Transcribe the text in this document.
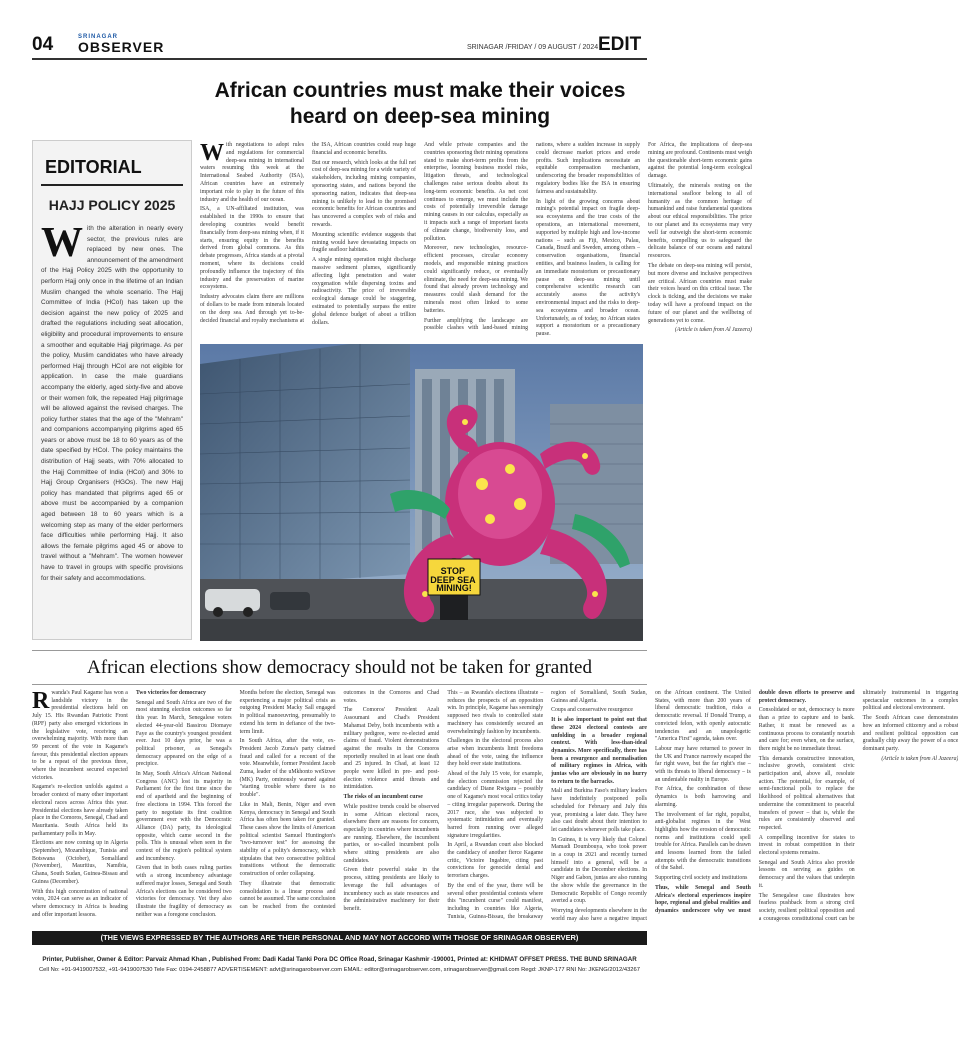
04	SRINAGAR
OBSERVER	SRINAGAR /FRIDAY / 09 AUGUST / 2024 EDIT
African countries must make their voices heard on deep-sea mining
EDITORIAL
HAJJ POLICY 2025
W ith the alteration in nearly every sector, the previous rules are replaced by new ones. The announcement of the amendment of the Hajj Policy 2025 with the opportunity to perform Hajj only once in the lifetime of an Indian Muslim changed the whole scenario. The Hajj Committee of India (HCoI) has taken up the decision against the new policy of 2025 and drafted the regulations including seat allocation, eligibility and procedural improvements to ensure a smoother and equitable Hajj pilgrimage. As per the policy, Muslim candidates who have already performed Hajj through HCoI are not eligible for application. In case the male guardians accompany the elderly, aged sixty-five and above or their women folk, the repeated Hajj pilgrimage will be allowed against the revised charges. The policy further states that the age of the "Mehram" and companions accompanying pilgrims aged 65 years or above must be 18 to 60 years as of the date specified by HCoI. The policy maintains the distribution of Hajj seats, with 70% allocated to the Hajj Committee of India (HCoI) and 30% to Hajj Group Organisers (HGOs). The new Hajj policy has mandated that pilgrims aged 65 or above must be accompanied by a companion aged between 18 to 60 years which is a welcoming step as many of the elder performers face difficulties while performing Hajj. It also allows the female pilgrims aged 45 or above to travel without a "Mehram". The women however have to travel in groups with specific provisions for their safety and accommodations.

With negotiations to adopt rules and regulations for commercial deep-sea mining in international waters resuming this week at the International Seabed Authority (ISA), African countries have an extremely important role to play in the future of this industry and the health of our ocean.

ISA, a UN-affiliated institution, was established in the 1990s to ensure that developing countries would benefit financially from deep-sea mining when, if it starts, ensuring equity in the benefits derived from global commons. As this debate progresses, Africa stands at a pivotal moment, where its decisions could profoundly influence the trajectory of this industry and the preservation of marine ecosystems.

Industry advocates claim there are millions of dollars to be made from minerals located on the deep sea. And through yet to-be-decided financial and royalty mechanisms at the ISA, African countries could reap huge financial and economic benefits.

But our research, which looks at the full net cost of deep-sea mining for a wide variety of stakeholders, including mining companies, sponsoring states, and nations beyond the sponsoring nation, indicates that deep-sea mining is unlikely to lead to the promised economic benefits for African countries and has uncovered a complex web of risks and rewards.

Mounting scientific evidence suggests that mining would have devastating impacts on fragile seafloor habitats.

A single mining operation might discharge massive sediment plumes, significantly affecting light penetration and water oxygenation while dispersing toxins and radioactivity. The price of irreversible ecological damage could be staggering, estimated to potentially surpass the entire global defence budget of about a trillion dollars.

And while private companies and the countries sponsoring their mining operations stand to make short-term profits from the enterprise, looming business model risks, litigation threats, and technological challenges raise serious doubts about its long-term economic benefits. As net cost continues to emerge, we must include the costs of potentially irreversible damage mining causes in our calculus, especially as it impacts such a range of important facets of climate change, biodiversity loss, and pollution.

Moreover, new technologies, resource-efficient processes, circular economy models, and responsible mining practices could significantly reduce, or eventually eliminate, the need for deep-sea mining. We found that already proven technology and measures could slash demand for the minerals most often linked to some batteries.

Further amplifying the landscape are possible clashes with land-based mining nations, where a sudden increase in supply could decrease market prices and erode profits. Such implications necessitate an equitable compensation mechanism, underscoring the broader responsibilities of regulatory bodies like the ISA in ensuring fairness and sustainability.

In light of the growing concerns about mining's potential impact on fragile deep-sea ecosystems and the true costs of the operations, an international movement, supported by multiple high and low-income nations – such as Fiji, Mexico, Palau, Canada, Brazil and Sweden, among others – conservation organisations, financial entities, and business leaders, is calling for an immediate moratorium or precautionary pause on deep-sea mining until comprehensive scientific research can accurately assess the activity's environmental impact and the risks to deep-sea ecosystems and broader ocean. Unfortunately, as of today, no African states support a moratorium or a precautionary pause.

For Africa, the implications of deep-sea mining are profound. Continents must weigh the questionable short-term economic gains against the potential long-term ecological damage.

Ultimately, the minerals resting on the international seafloor belong to all of humanity as the common heritage of humankind and raise fundamental questions about our ethical responsibilities. The price to our planet and its ecosystems may very well far outweigh the short-term economic benefits, compelling us to safeguard the delicate balance of our oceans and natural resources.

The debate on deep-sea mining will persist, but more diverse and inclusive perspectives are critical. African countries must make their voices heard on this critical issue. The clock is ticking, and the decisions we make today will have a profound impact on the future of our planet and the wellbeing of generations yet to come.

(Article is taken from Al Jazeera)

STOP DEEP SEA MINING!
African elections show democracy should not be taken for granted

Rwanda's Paul Kagame has won a landslide victory in the presidential elections held on July 15. His Rwandan Patriotic Front (RPF) party also emerged victorious in the legislative vote, receiving an overwhelming majority. With more than 99 percent of the vote in Kagame's favour, this presidential election appears to be a repeat of the previous three, where the incumbent secured expected victories.

Kagame's re-election unfolds against a broader context of many other important electoral races across Africa this year. Presidential elections have already taken place in the Comoros, Senegal, Chad and Mauritania. South Africa held its parliamentary polls in May.

Elections are now coming up in Algeria (September), Mozambique, Tunisia and Botswana (October), Somaliland (November), Mauritius, Namibia, Ghana, South Sudan, Guinea-Bissau and Guinea (December).

With this high concentration of national votes, 2024 can serve as an indicator of where democracy in Africa is heading and offer important lessons.

Two victories for democracy

Senegal and South Africa are two of the most stunning election outcomes so far this year. In March, Senegalese voters elected 44-year-old Bassirou Diomaye Faye as the country's youngest president ever. Just 10 days prior, he was a political prisoner, as Senegal's democracy appeared on the edge of a precipice.

In May, South Africa's African National Congress (ANC) lost its majority in Parliament for the first time since the end of apartheid and the beginning of free elections in 1994. This forced the party to negotiate its first coalition government ever with the Democratic Alliance (DA) party, its ideological opposite, which came second in the polls. This is unusual when seen in the context of the region's political system and incumbency.

Given that in both cases ruling parties with a strong incumbency advantage suffered major losses, Senegal and South Africa's elections can be considered two victories for democracy. Yet they also illustrate the fragility of democracy as neither was a foregone conclusion.

Months before the election, Senegal was experiencing a major political crisis as outgoing President Macky Sall engaged in political manoeuvring, presumably to extend his term in defiance of the two-term limit.

In South Africa, after the vote, ex-President Jacob Zuma's party claimed fraud and called for a recount of the vote. Meanwhile, former President Jacob Zuma, leader of the uMkhonto weSizwe (MK) Party, ominously warned against "starting trouble where there is no trouble".

Like in Mali, Benin, Niger and even Kenya, democracy in Senegal and South Africa has often been taken for granted. These cases show the limits of American political scientist Samuel Huntington's "two-turnover test" for assessing the stability of a polity's democracy, which stipulates that two consecutive political transitions without the democratic construction of order collapsing.

They illustrate that democratic consolidation is a linear process and cannot be assumed. The same conclusion can be reached from the contested outcomes in the Comoros and Chad votes.

The Comoros' President Azali Assoumani and Chad's President Mahamat Deby, both incumbents with a military pedigree, were re-elected amid claims of fraud. Violent demonstrations against the results in the Comoros reportedly resulted in at least one death and 25 injured. In Chad, at least 12 people were killed in pre- and post-election violence amid threats and intimidation.

The risks of an incumbent curse

While positive trends could be observed in some African electoral races, elsewhere there are reasons for concern, especially in countries where incumbents are running. Elsewhere, the incumbent parties, or so-called incumbent polls where sitting presidents are also candidates.

Given their powerful stake in the process, sitting presidents are likely to leverage the full advantages of incumbency such as state resources and the administrative machinery for their benefit.

This – as Rwanda's elections illustrate – reduces the prospects of an opposition win. In principle, Kagame has seemingly supposed two rivals to controlled state machinery has consistently secured an overwhelmingly fashion by incumbents.

Challenges in the electoral process also arise when incumbents limit freedoms ahead of the vote, using the influence they hold over state institutions.

Ahead of the July 15 vote, for example, the election commission rejected the candidacy of Diane Rwigara – possibly one of Kagame's most vocal critics today – citing irregular paperwork. During the 2017 race, she was subjected to systematic intimidation and eventually barred from running over alleged signature irregularities.

In April, a Rwandan court also blocked the candidacy of another fierce Kagame critic, Victoire Ingabire, citing past convictions for genocide denial and terrorism charges.

By the end of the year, there will be several other presidential contests where this "incumbent curse" could manifest, including in countries like Algeria, Tunisia, Guinea-Bissau, the breakaway region of Somaliland, South Sudan, Guinea and Algeria.

Coups and conservative resurgence

It is also important to point out that these 2024 electoral contests are unfolding in a broader regional context. With less-than-ideal dynamics. More specifically, there has been a resurgence and normalisation of military regimes in Africa, with juntas who are obviously in no hurry to return to the barracks.

Mali and Burkina Faso's military leaders have indefinitely postponed polls scheduled for February and July this year, promising a later date. They have also cast doubt about their intention to let candidates whenever polls take place.

In Guinea, it is very likely that Colonel Mamadi Doumbouya, who took power in a coup in 2021 and recently turned himself into a general, will be a candidate in the December elections. In Niger and Gabon, juntas are also running the show while the governance in the Democratic Republic of Congo recently averted a coup.

Worrying developments elsewhere in the world may also have a negative impact on the African continent. The United States, with more than 200 years of liberal democratic tradition, risks a democratic reversal. If Donald Trump, a convicted felon, with openly autocratic tendencies and an unapologetic "America First" agenda, takes over.

Labour may have returned to power in the UK and France narrowly escaped the far right wave, but the far right's rise – with its threats to liberal democracy – is an undeniable reality in Europe.

For Africa, the combination of these dynamics is both harrowing and alarming.

The involvement of far right, populist, anti-globalist regimes in the West highlights how the erosion of democratic norms and institutions could spell trouble for Africa. Parallels can be drawn and lessons learned from the failed attempts with the democratic transitions of the Sahel.

Supporting civil society and institutions

Thus, while Senegal and South Africa's electoral experiences inspire hope, regional and global realities and dynamics underscore why we must double down efforts to preserve and protect democracy.

Consolidated or not, democracy is more than a prize to capture and to bank. Rather, it must be renewed as a continuous process to constantly nourish and care for; even when, on the surface, there might be no immediate threat.

This demands constructive innovation, inclusive growth, consistent civic participation and, above all, resolute action. The potential, for example, of semi-functional polls to replace the likelihood of political alternatives that undermine the commitment to peaceful transfers of power – that is, while the rules are consistently observed and respected.

A compelling incentive for states to invest in robust competition in their electoral systems remains.

Senegal and South Africa also provide lessons on serving as guides on democracy and the values that underpin it.

The Senegalese case illustrates how fearless pushback from a strong civil society, resilient political opposition and a courageous constitutional court can be ultimately instrumental in triggering spectacular outcomes in a complex political and electoral environment.

The South African case demonstrates how an informed citizenry and a robust and resilient political opposition can gradually chip away the power of a once dominant party.

(Article is taken from Al Jazeera)

(THE VIEWS EXPRESSED BY THE AUTHORS ARE THEIR PERSONAL AND MAY NOT ACCORD WITH THOSE OF SRINAGAR OBSERVER)
Printer, Publisher, Owner & Editor: Parvaiz Ahmad Khan , Published From: Dadi Kadal Tanki Pora DC Office Road, Srinagar Kashmir -190001, Printed at: KHIDMAT OFFSET PRESS. THE BUND SRINAGAR
Cell No: +91-9419007532, +91-9419007530 Tele Fax: 0194-2458877 ADVERTISEMENT: advt@srinagarobserver.com EMAIL: editor@srinagarobserver.com, srinagarobserver@gmail.com Regd: JKNP-177 RNI No: JKENG/2012/43267
